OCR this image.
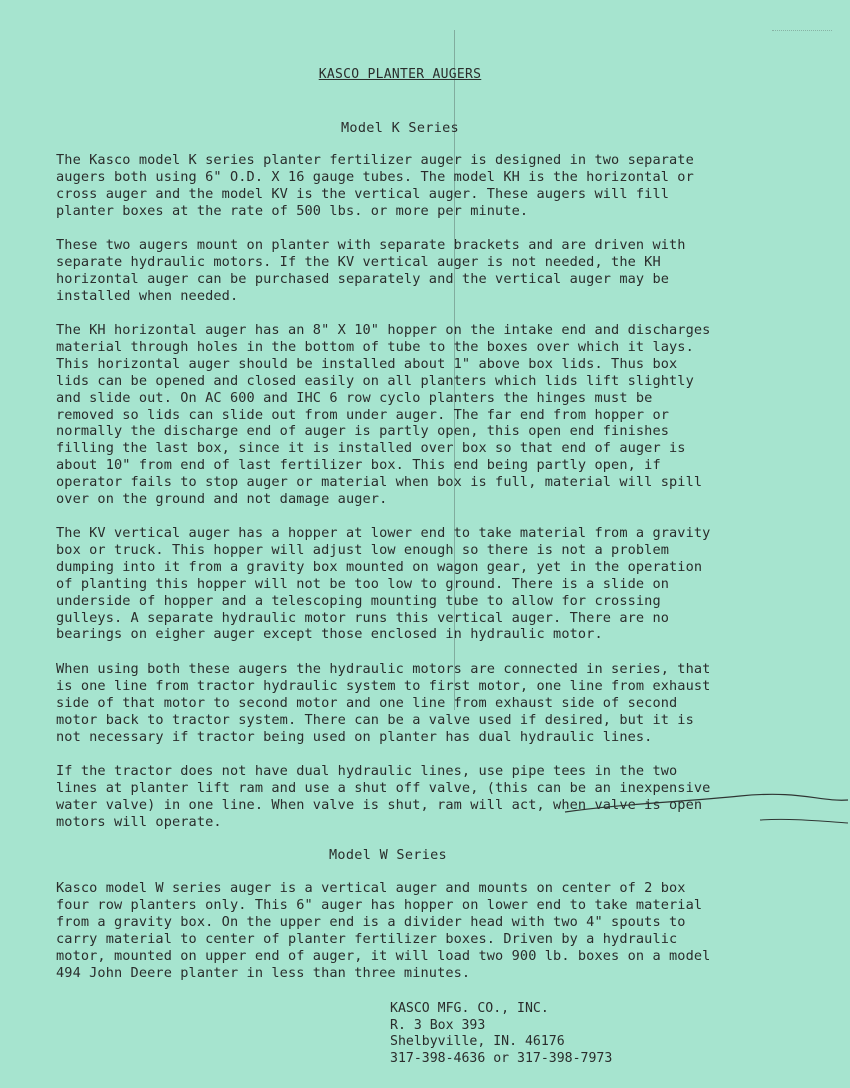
KASCO PLANTER AUGERS
Model K Series
The Kasco model K series planter fertilizer auger is designed in two separate
augers both using 6" O.D. X 16 gauge tubes. The model KH is the horizontal or
cross auger and the model KV is the vertical auger. These augers will fill
planter boxes at the rate of 500 lbs. or more per minute.
These two augers mount on planter with separate brackets and are driven with
separate hydraulic motors. If the KV vertical auger is not needed, the KH
horizontal auger can be purchased separately and the vertical auger may be
installed when needed.
The KH horizontal auger has an 8" X 10" hopper on the intake end and discharges
material through holes in the bottom of tube to the boxes over which it lays.
This horizontal auger should be installed about 1" above box lids. Thus box
lids can be opened and closed easily on all planters which lids lift slightly
and slide out. On AC 600 and IHC 6 row cyclo planters the hinges must be
removed so lids can slide out from under auger. The far end from hopper or
normally the discharge end of auger is partly open, this open end finishes
filling the last box, since it is installed over box so that end of auger is
about 10" from end of last fertilizer box. This end being partly open, if
operator fails to stop auger or material when box is full, material will spill
over on the ground and not damage auger.
The KV vertical auger has a hopper at lower end to take material from a gravity
box or truck. This hopper will adjust low enough so there is not a problem
dumping into it from a gravity box mounted on wagon gear, yet in the operation
of planting this hopper will not be too low to ground. There is a slide on
underside of hopper and a telescoping mounting tube to allow for crossing
gulleys. A separate hydraulic motor runs this vertical auger. There are no
bearings on eigher auger except those enclosed in hydraulic motor.
When using both these augers the hydraulic motors are connected in series, that
is one line from tractor hydraulic system to first motor, one line from exhaust
side of that motor to second motor and one line from exhaust side of second
motor back to tractor system. There can be a valve used if desired, but it is
not necessary if tractor being used on planter has dual hydraulic lines.
If the tractor does not have dual hydraulic lines, use pipe tees in the two
lines at planter lift ram and use a shut off valve, (this can be an inexpensive
water valve) in one line. When valve is shut, ram will act, when valve is open
motors will operate.
Model W Series
Kasco model W series auger is a vertical auger and mounts on center of 2 box
four row planters only. This 6" auger has hopper on lower end to take material
from a gravity box. On the upper end is a divider head with two 4" spouts to
carry material to center of planter fertilizer boxes. Driven by a hydraulic
motor, mounted on upper end of auger, it will load two 900 lb. boxes on a model
494 John Deere planter in less than three minutes.
KASCO MFG. CO., INC.
R. 3 Box 393
Shelbyville, IN. 46176
317-398-4636 or 317-398-7973
